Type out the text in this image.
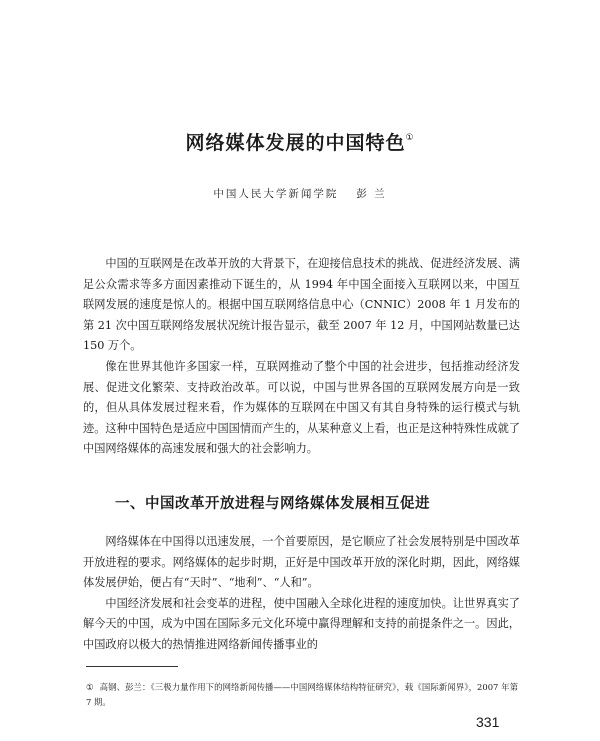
网络媒体发展的中国特色①
中国人民大学新闻学院 彭 兰

中国的互联网是在改革开放的大背景下，在迎接信息技术的挑战、促进经济发展、满足公众需求等多方面因素推动下诞生的，从 1994 年中国全面接入互联网以来，中国互联网发展的速度是惊人的。根据中国互联网络信息中心（CNNIC）2008 年 1 月发布的第 21 次中国互联网络发展状况统计报告显示，截至 2007 年 12 月，中国网站数量已达 150 万个。

像在世界其他许多国家一样，互联网推动了整个中国的社会进步，包括推动经济发展、促进文化繁荣、支持政治改革。可以说，中国与世界各国的互联网发展方向是一致的，但从具体发展过程来看，作为媒体的互联网在中国又有其自身特殊的运行模式与轨迹。这种中国特色是适应中国国情而产生的，从某种意义上看，也正是这种特殊性成就了中国网络媒体的高速发展和强大的社会影响力。

一、中国改革开放进程与网络媒体发展相互促进

网络媒体在中国得以迅速发展，一个首要原因，是它顺应了社会发展特别是中国改革开放进程的要求。网络媒体的起步时期，正好是中国改革开放的深化时期，因此，网络媒体发展伊始，便占有“天时”、“地利”、“人和”。

中国经济发展和社会变革的进程，使中国融入全球化进程的速度加快。让世界真实了解今天的中国，成为中国在国际多元文化环境中赢得理解和支持的前提条件之一。因此，中国政府以极大的热情推进网络新闻传播事业的

① 高钢、彭兰：《三极力量作用下的网络新闻传播——中国网络媒体结构特征研究》，载《国际新闻界》，2007 年第 7 期。
331
